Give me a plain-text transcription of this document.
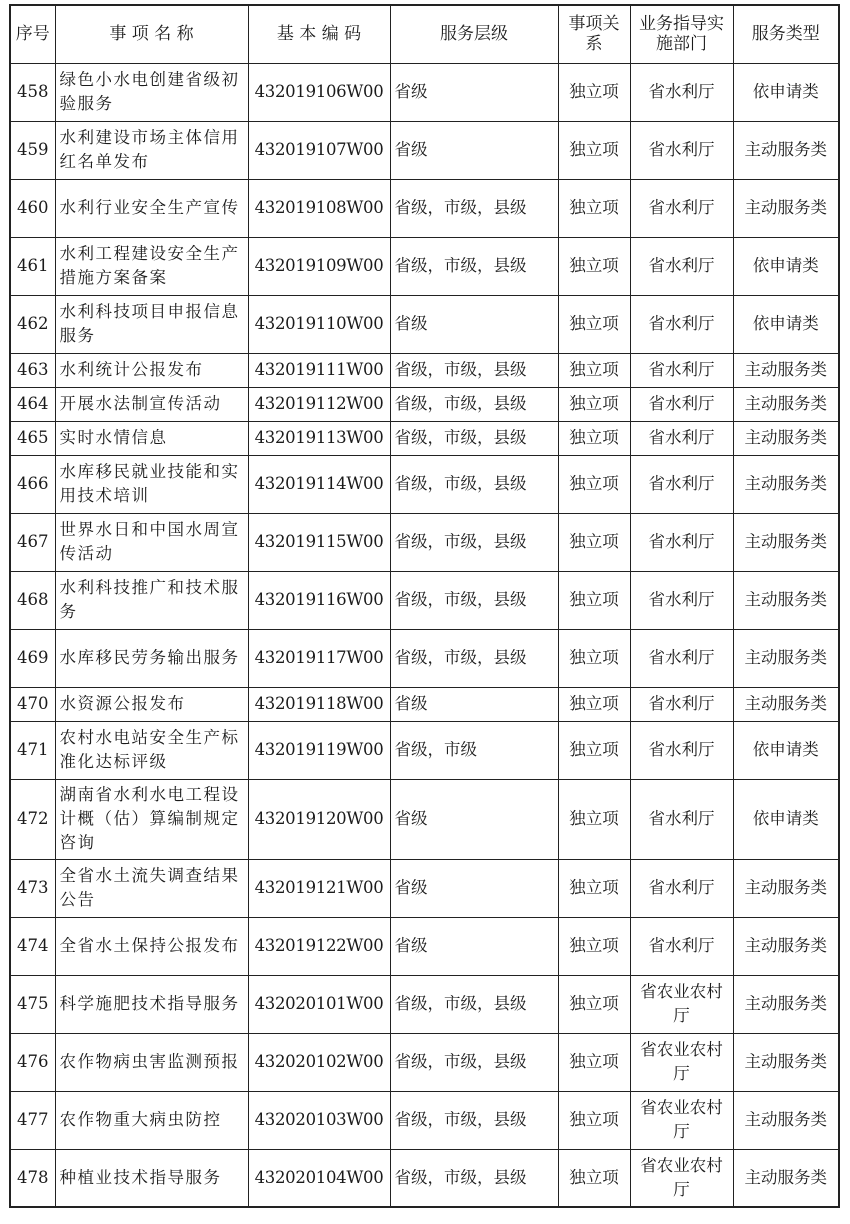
序号	事 项 名 称	基 本 编 码	服务层级	事项关系	业务指导实施部门	服务类型
458	绿色小水电创建省级初验服务	432019106W00	省级	独立项	省水利厅	依申请类
459	水利建设市场主体信用红名单发布	432019107W00	省级	独立项	省水利厅	主动服务类
460	水利行业安全生产宣传	432019108W00	省级，市级，县级	独立项	省水利厅	主动服务类
461	水利工程建设安全生产措施方案备案	432019109W00	省级，市级，县级	独立项	省水利厅	依申请类
462	水利科技项目申报信息服务	432019110W00	省级	独立项	省水利厅	依申请类
463	水利统计公报发布	432019111W00	省级，市级，县级	独立项	省水利厅	主动服务类
464	开展水法制宣传活动	432019112W00	省级，市级，县级	独立项	省水利厅	主动服务类
465	实时水情信息	432019113W00	省级，市级，县级	独立项	省水利厅	主动服务类
466	水库移民就业技能和实用技术培训	432019114W00	省级，市级，县级	独立项	省水利厅	主动服务类
467	世界水日和中国水周宣传活动	432019115W00	省级，市级，县级	独立项	省水利厅	主动服务类
468	水利科技推广和技术服务	432019116W00	省级，市级，县级	独立项	省水利厅	主动服务类
469	水库移民劳务输出服务	432019117W00	省级，市级，县级	独立项	省水利厅	主动服务类
470	水资源公报发布	432019118W00	省级	独立项	省水利厅	主动服务类
471	农村水电站安全生产标准化达标评级	432019119W00	省级，市级	独立项	省水利厅	依申请类
472	湖南省水利水电工程设计概（估）算编制规定咨询	432019120W00	省级	独立项	省水利厅	依申请类
473	全省水土流失调查结果公告	432019121W00	省级	独立项	省水利厅	主动服务类
474	全省水土保持公报发布	432019122W00	省级	独立项	省水利厅	主动服务类
475	科学施肥技术指导服务	432020101W00	省级，市级，县级	独立项	省农业农村厅	主动服务类
476	农作物病虫害监测预报	432020102W00	省级，市级，县级	独立项	省农业农村厅	主动服务类
477	农作物重大病虫防控	432020103W00	省级，市级，县级	独立项	省农业农村厅	主动服务类
478	种植业技术指导服务	432020104W00	省级，市级，县级	独立项	省农业农村厅	主动服务类
